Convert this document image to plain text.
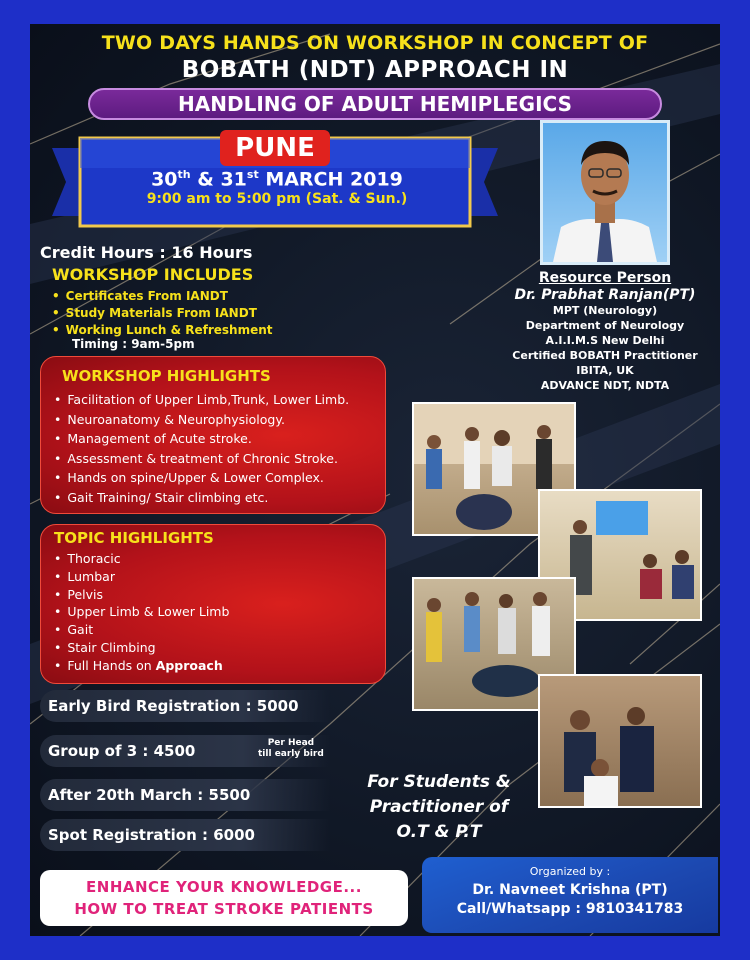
TWO DAYS HANDS ON WORKSHOP IN CONCEPT OF
BOBATH (NDT) APPROACH IN
HANDLING OF ADULT HEMIPLEGICS
PUNE
30th & 31st MARCH 2019
9:00 am to 5:00 pm (Sat. & Sun.)
Credit Hours : 16 Hours
WORKSHOP INCLUDES
• Certificates From IANDT
• Study Materials From IANDT
• Working Lunch & Refreshment
Timing : 9am-5pm
Resource Person
Dr. Prabhat Ranjan(PT)
MPT (Neurology)
Department of Neurology
A.I.I.M.S New Delhi
Certified BOBATH Practitioner
IBITA, UK
ADVANCE NDT, NDTA
WORKSHOP HIGHLIGHTS
• Facilitation of Upper Limb,Trunk, Lower Limb.
• Neuroanatomy & Neurophysiology.
• Management of Acute stroke.
• Assessment & treatment of Chronic Stroke.
• Hands on spine/Upper & Lower Complex.
• Gait Training/ Stair climbing etc.
TOPIC HIGHLIGHTS
• Thoracic
• Lumbar
• Pelvis
• Upper Limb & Lower Limb
• Gait
• Stair Climbing
• Full Hands on Approach
Early Bird Registration : 5000
Group of 3 : 4500	Per Head
till early bird
After 20th March : 5500
Spot Registration : 6000
For Students &
Practitioner of
O.T & P.T
ENHANCE YOUR KNOWLEDGE...
HOW TO TREAT STROKE PATIENTS
Organized by :
Dr. Navneet Krishna (PT)
Call/Whatsapp : 9810341783
